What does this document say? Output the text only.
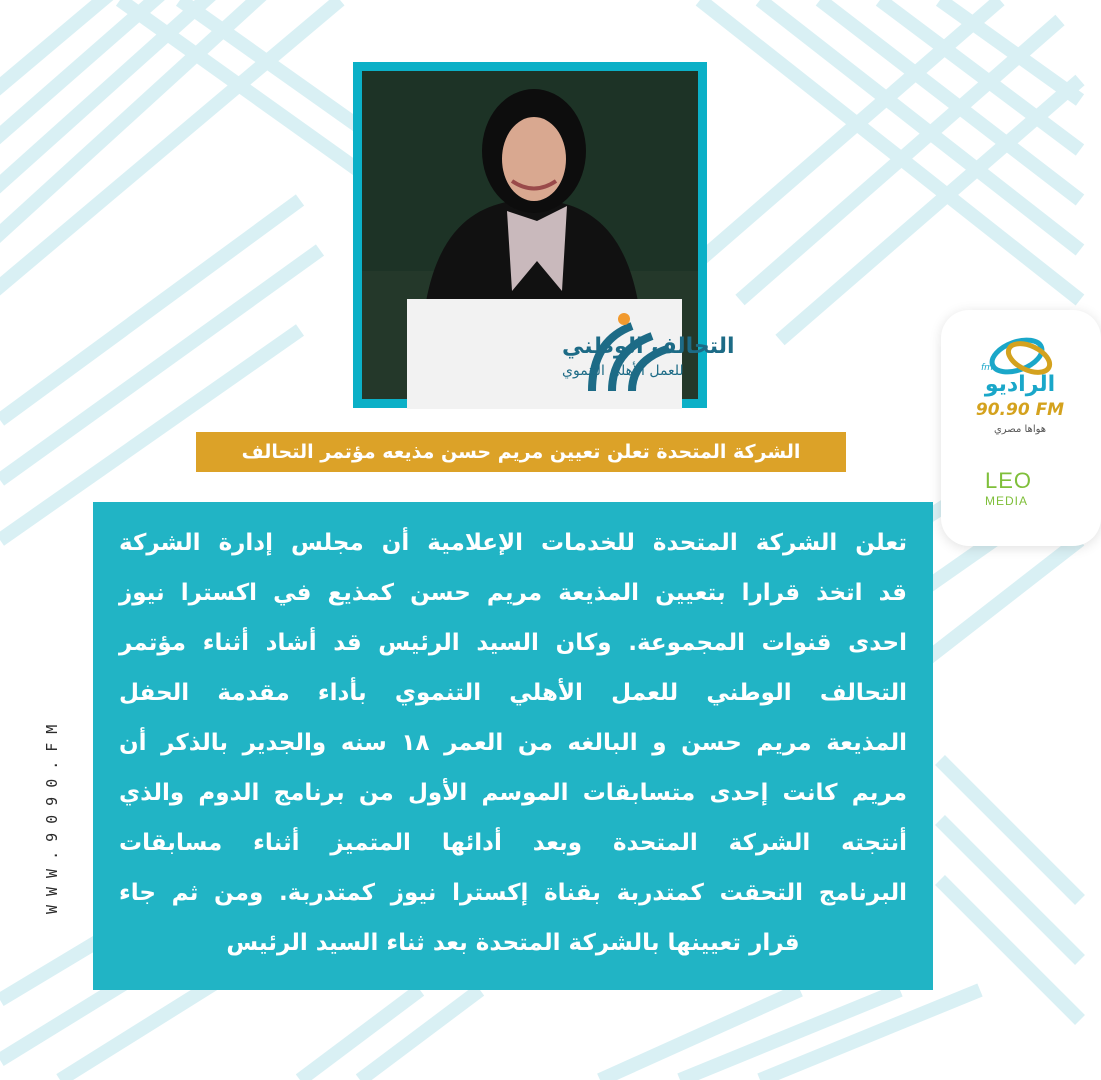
التحالف الوطني
للعمل الأهلي التنموي
الشركة المتحدة تعلن تعيين مريم حسن مذيعه مؤتمر التحالف
تعلن الشركة المتحدة للخدمات الإعلامية أن مجلس إدارة الشركة
قد اتخذ قرارا بتعيين المذيعة مريم حسن كمذيع في اكسترا نيوز
احدى قنوات المجموعة. وكان السيد الرئيس قد أشاد أثناء مؤتمر
التحالف الوطني للعمل الأهلي التنموي بأداء مقدمة الحفل
المذيعة مريم حسن و البالغه من العمر ١٨ سنه والجدير بالذكر أن
مريم كانت إحدى متسابقات الموسم الأول من برنامج الدوم والذي
أنتجته الشركة المتحدة وبعد أدائها المتميز أثناء مسابقات
البرنامج التحقت كمتدربة بقناة إكسترا نيوز كمتدربة. ومن ثم جاء
قرار تعيينها بالشركة المتحدة بعد ثناء السيد الرئيس
WWW.9090.FM
fm
الراديو
90.90 FM
هواها مصري
LEO
MEDIA
